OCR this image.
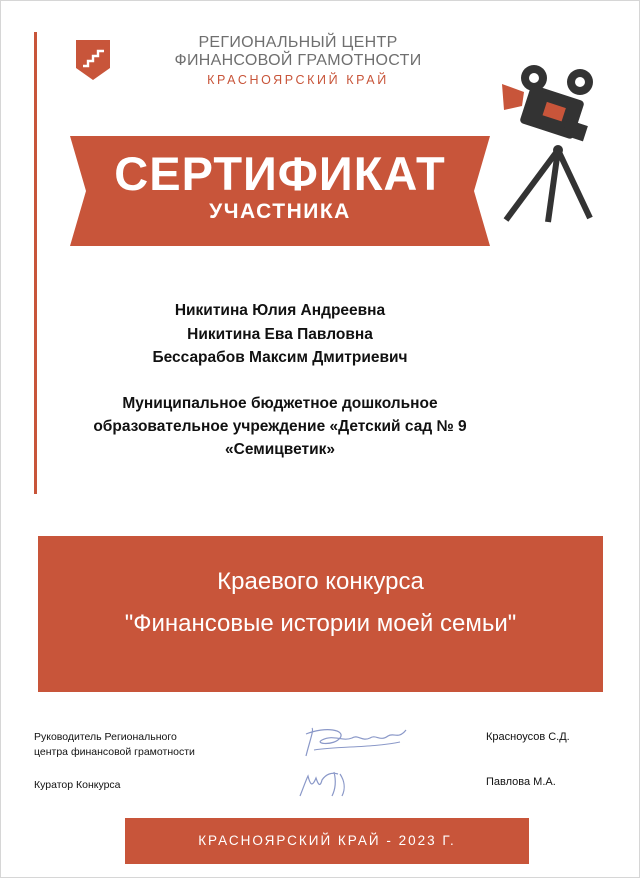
РЕГИОНАЛЬНЫЙ ЦЕНТР
ФИНАНСОВОЙ ГРАМОТНОСТИ
КРАСНОЯРСКИЙ КРАЙ
СЕРТИФИКАТ
УЧАСТНИКА
Никитина Юлия Андреевна
Никитина Ева Павловна
Бессарабов Максим Дмитриевич
Муниципальное бюджетное дошкольное
образовательное учреждение «Детский сад № 9
«Семицветик»
Краевого конкурса
"Финансовые истории моей семьи"
Руководитель Регионального
центра финансовой грамотности
Красноусов С.Д.
Куратор Конкурса	Павлова М.А.
КРАСНОЯРСКИЙ КРАЙ - 2023 Г.
